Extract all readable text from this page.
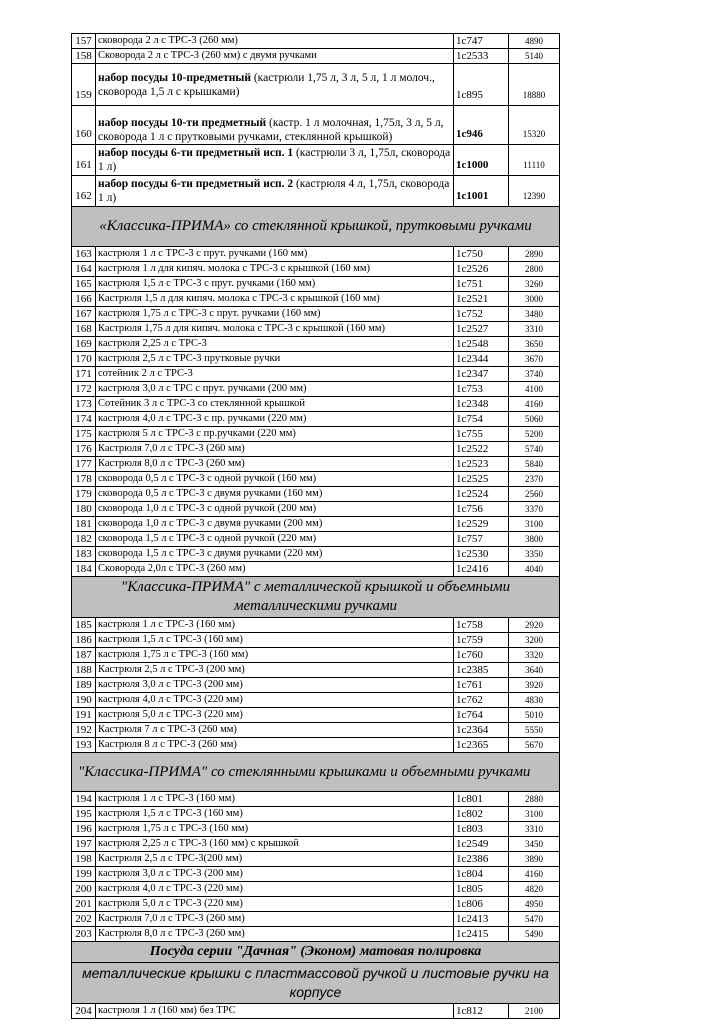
157	сковорода 2 л с ТРС-3 (260 мм)	1с747	4890
158	Сковорода 2 л с ТРС-3 (260 мм) с двумя ручками	1с2533	5140
159	набор посуды 10-предметный (кастрюли 1,75 л, 3 л, 5 л, 1 л молоч., сковорода 1,5 л с крышками)	1с895	18880
160	набор посуды 10-ти предметный (кастр. 1 л молочная, 1,75л, 3 л, 5 л, сковорода 1 л с прутковыми ручками, стеклянной крышкой)	1с946	15320
161	набор посуды 6-ти предметный исп. 1 (кастрюли 3 л, 1,75л, сковорода 1 л)	1с1000	11110
162	набор посуды 6-ти предметный исп. 2 (кастрюля 4 л, 1,75л, сковорода 1 л)	1с1001	12390
«Классика-ПРИМА» со стеклянной крышкой, прутковыми ручками			
163	кастрюля 1 л с ТРС-3 с прут. ручками (160 мм)	1с750	2890
164	кастрюля 1 л для кипяч. молока с ТРС-3 с крышкой (160 мм)	1с2526	2800
165	кастрюля 1,5 л с ТРС-3 с прут. ручками (160 мм)	1с751	3260
166	Кастрюля 1,5 л для кипяч. молока с ТРС-3 с крышкой (160 мм)	1с2521	3000
167	кастрюля 1,75 л с ТРС-3 с прут. ручками (160 мм)	1с752	3480
168	Кастрюля 1,75 л для кипяч. молока с ТРС-3 с крышкой (160 мм)	1с2527	3310
169	кастрюля 2,25 л с ТРС-3	1с2548	3650
170	кастрюля 2,5 л с ТРС-3 прутковые ручки	1с2344	3670
171	сотейник 2 л с ТРС-3	1с2347	3740
172	кастрюля 3,0 л с ТРС с прут. ручками (200 мм)	1с753	4100
173	Сотейник 3 л с ТРС-3 со стеклянной крышкой	1с2348	4160
174	кастрюля 4,0 л с ТРС-3 с пр. ручками (220 мм)	1с754	5060
175	кастрюля 5 л с ТРС-3 с пр.ручками (220 мм)	1с755	5200
176	Кастрюля 7,0 л с ТРС-3 (260 мм)	1с2522	5740
177	Кастрюля 8,0 л с ТРС-3 (260 мм)	1с2523	5840
178	сковорода 0,5 л с ТРС-3 с одной ручкой (160 мм)	1с2525	2370
179	сковорода 0,5 л с ТРС-3 с двумя ручками (160 мм)	1с2524	2560
180	сковорода 1,0 л с ТРС-3 с одной ручкой (200 мм)	1с756	3370
181	сковорода 1,0 л с ТРС-3 с двумя ручками (200 мм)	1с2529	3100
182	сковорода 1,5 л с ТРС-3 с одной ручкой (220 мм)	1с757	3800
183	сковорода 1,5 л с ТРС-3 с двумя ручками (220 мм)	1с2530	3350
184	Сковорода 2,0л с ТРС-3 (260 мм)	1с2416	4040
"Классика-ПРИМА" с металлической крышкой и объемными металлическими ручками			
185	кастрюля 1 л с ТРС-3 (160 мм)	1с758	2920
186	кастрюля 1,5 л с ТРС-3 (160 мм)	1с759	3200
187	кастрюля 1,75 л с ТРС-3 (160 мм)	1с760	3320
188	Кастрюля 2,5 л с ТРС-3 (200 мм)	1с2385	3640
189	кастрюля 3,0 л с ТРС-3 (200 мм)	1с761	3920
190	кастрюля 4,0 л с ТРС-3 (220 мм)	1с762	4830
191	кастрюля 5,0 л с ТРС-3 (220 мм)	1с764	5010
192	Кастрюля 7 л с ТРС-3 (260 мм)	1с2364	5550
193	Кастрюля 8 л с ТРС-3 (260 мм)	1с2365	5670
"Классика-ПРИМА" со стеклянными крышками и объемными ручками			
194	кастрюля 1 л с ТРС-3 (160 мм)	1с801	2880
195	кастрюля 1,5 л с ТРС-3 (160 мм)	1с802	3100
196	кастрюля 1,75 л с ТРС-3 (160 мм)	1с803	3310
197	кастрюля 2,25 л с ТРС-3 (160 мм) с крышкой	1с2549	3450
198	Кастрюля 2,5 л с ТРС-3(200 мм)	1с2386	3890
199	кастрюля 3,0 л с ТРС-3 (200 мм)	1с804	4160
200	кастрюля 4,0 л с ТРС-3 (220 мм)	1с805	4820
201	кастрюля 5,0 л с ТРС-3 (220 мм)	1с806	4950
202	Кастрюля 7,0 л с ТРС-3 (260 мм)	1с2413	5470
203	Кастрюля 8,0 л с ТРС-3 (260 мм)	1с2415	5490
Посуда серии "Дачная" (Эконом) матовая полировка			
металлические крышки с пластмассовой ручкой и листовые ручки на корпусе			
204	кастрюля 1 л (160 мм) без ТРС	1с812	2100
